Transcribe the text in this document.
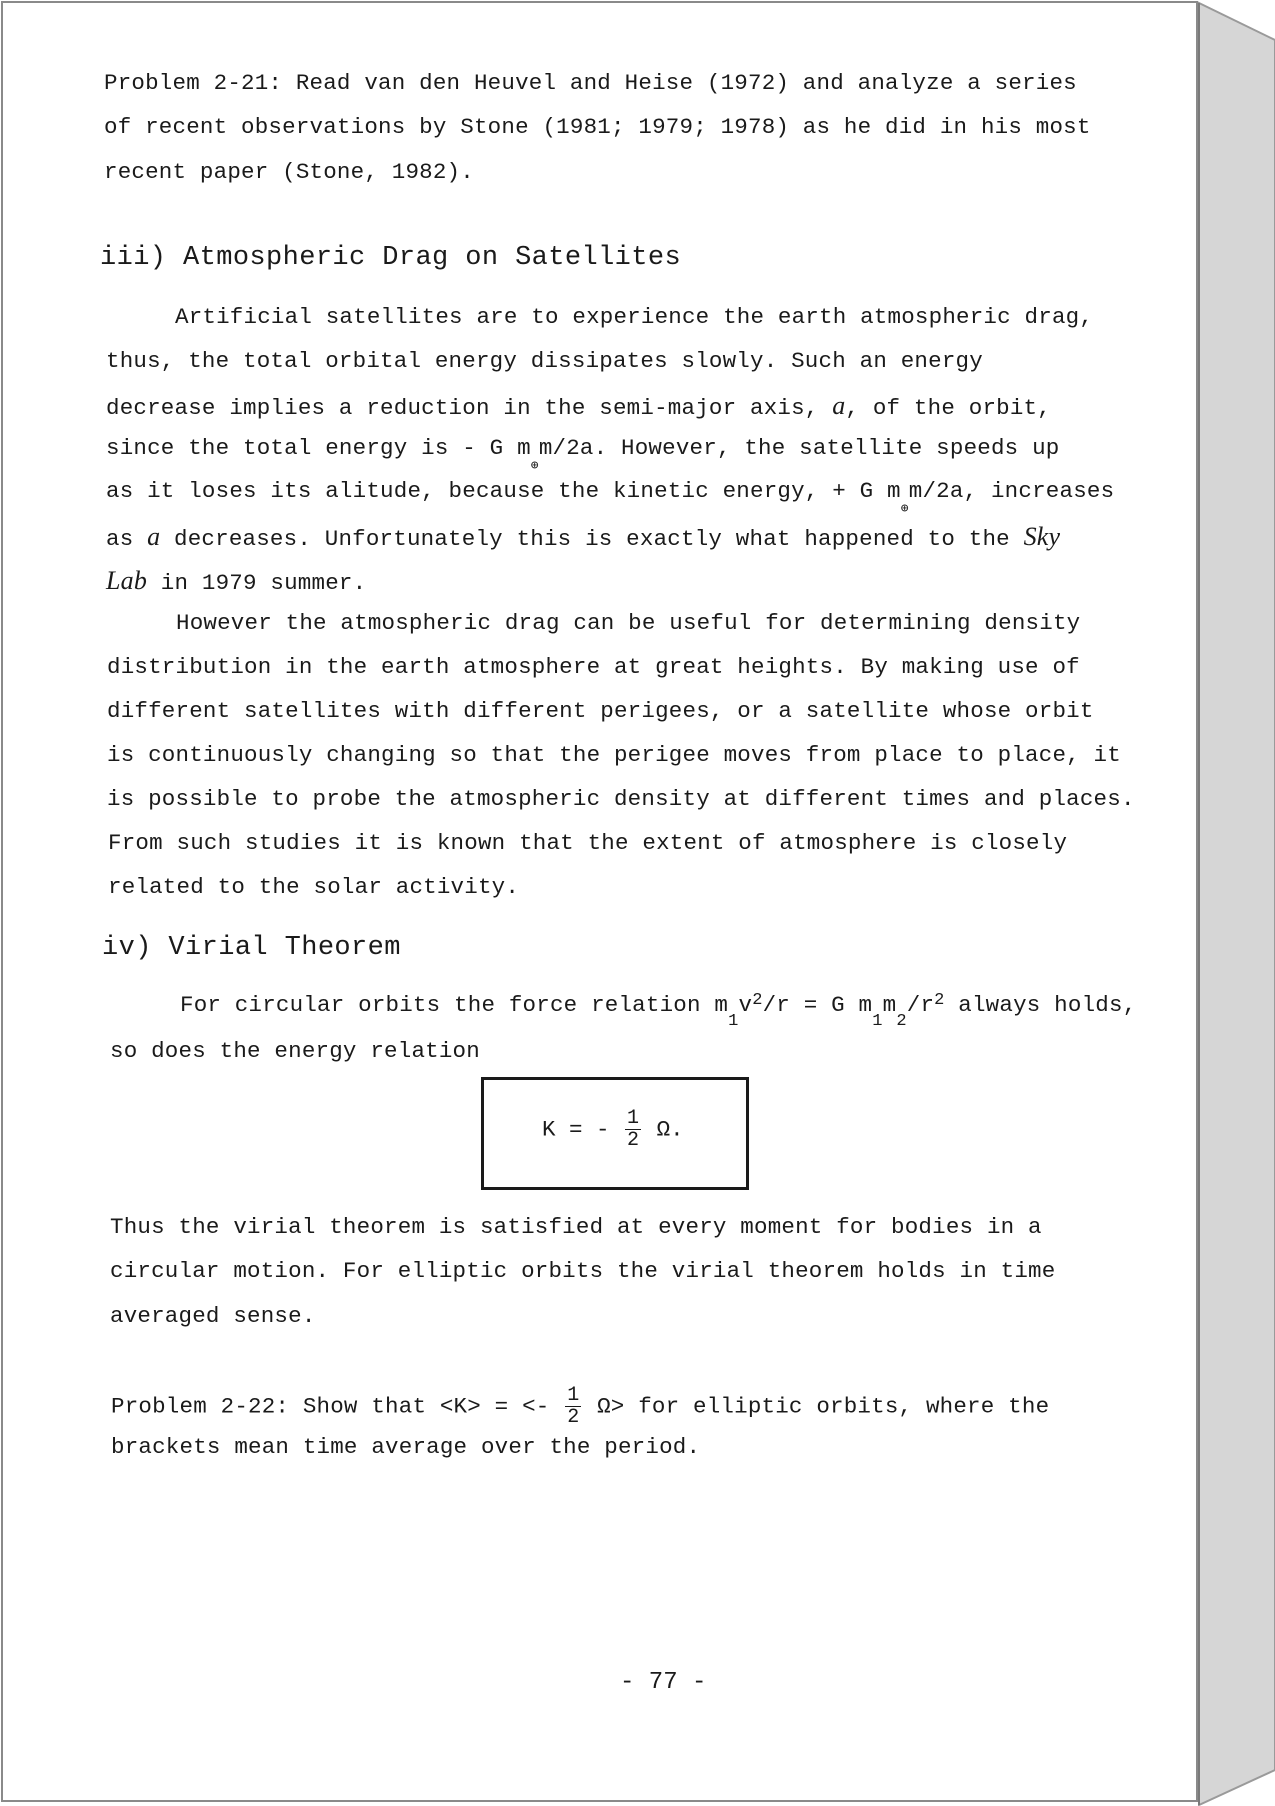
Problem 2-21: Read van den Heuvel and Heise (1972) and analyze a series
of recent observations by Stone (1981; 1979; 1978) as he did in his most
recent paper (Stone, 1982).
iii) Atmospheric Drag on Satellites
Artificial satellites are to experience the earth atmospheric drag,
thus, the total orbital energy dissipates slowly. Such an energy
decrease implies a reduction in the semi-major axis, a, of the orbit,
since the total energy is - G $m_\oplus m/2a$. However, the satellite speeds up
as it loses its alitude, because the kinetic energy, + G $m_\oplus m/2a$, increases
as a decreases. Unfortunately this is exactly what happened to the Sky
Lab in 1979 summer.
However the atmospheric drag can be useful for determining density
distribution in the earth atmosphere at great heights. By making use of
different satellites with different perigees, or a satellite whose orbit
is continuously changing so that the perigee moves from place to place, it
is possible to probe the atmospheric density at different times and places.
From such studies it is known that the extent of atmosphere is closely
related to the solar activity.
iv) Virial Theorem
For circular orbits the force relation $m_1v^2/r = G$ $m_1m_2/r^2$ always holds,
so does the energy relation
K = - $\frac{1}{2} \Omega$.
Thus the virial theorem is satisfied at every moment for bodies in a
circular motion. For elliptic orbits the virial theorem holds in time
averaged sense.
Problem 2-22: Show that <K> = <- $\frac{1}{2} \Omega>$ for elliptic orbits, where the
brackets mean time average over the period.
- 77 -
